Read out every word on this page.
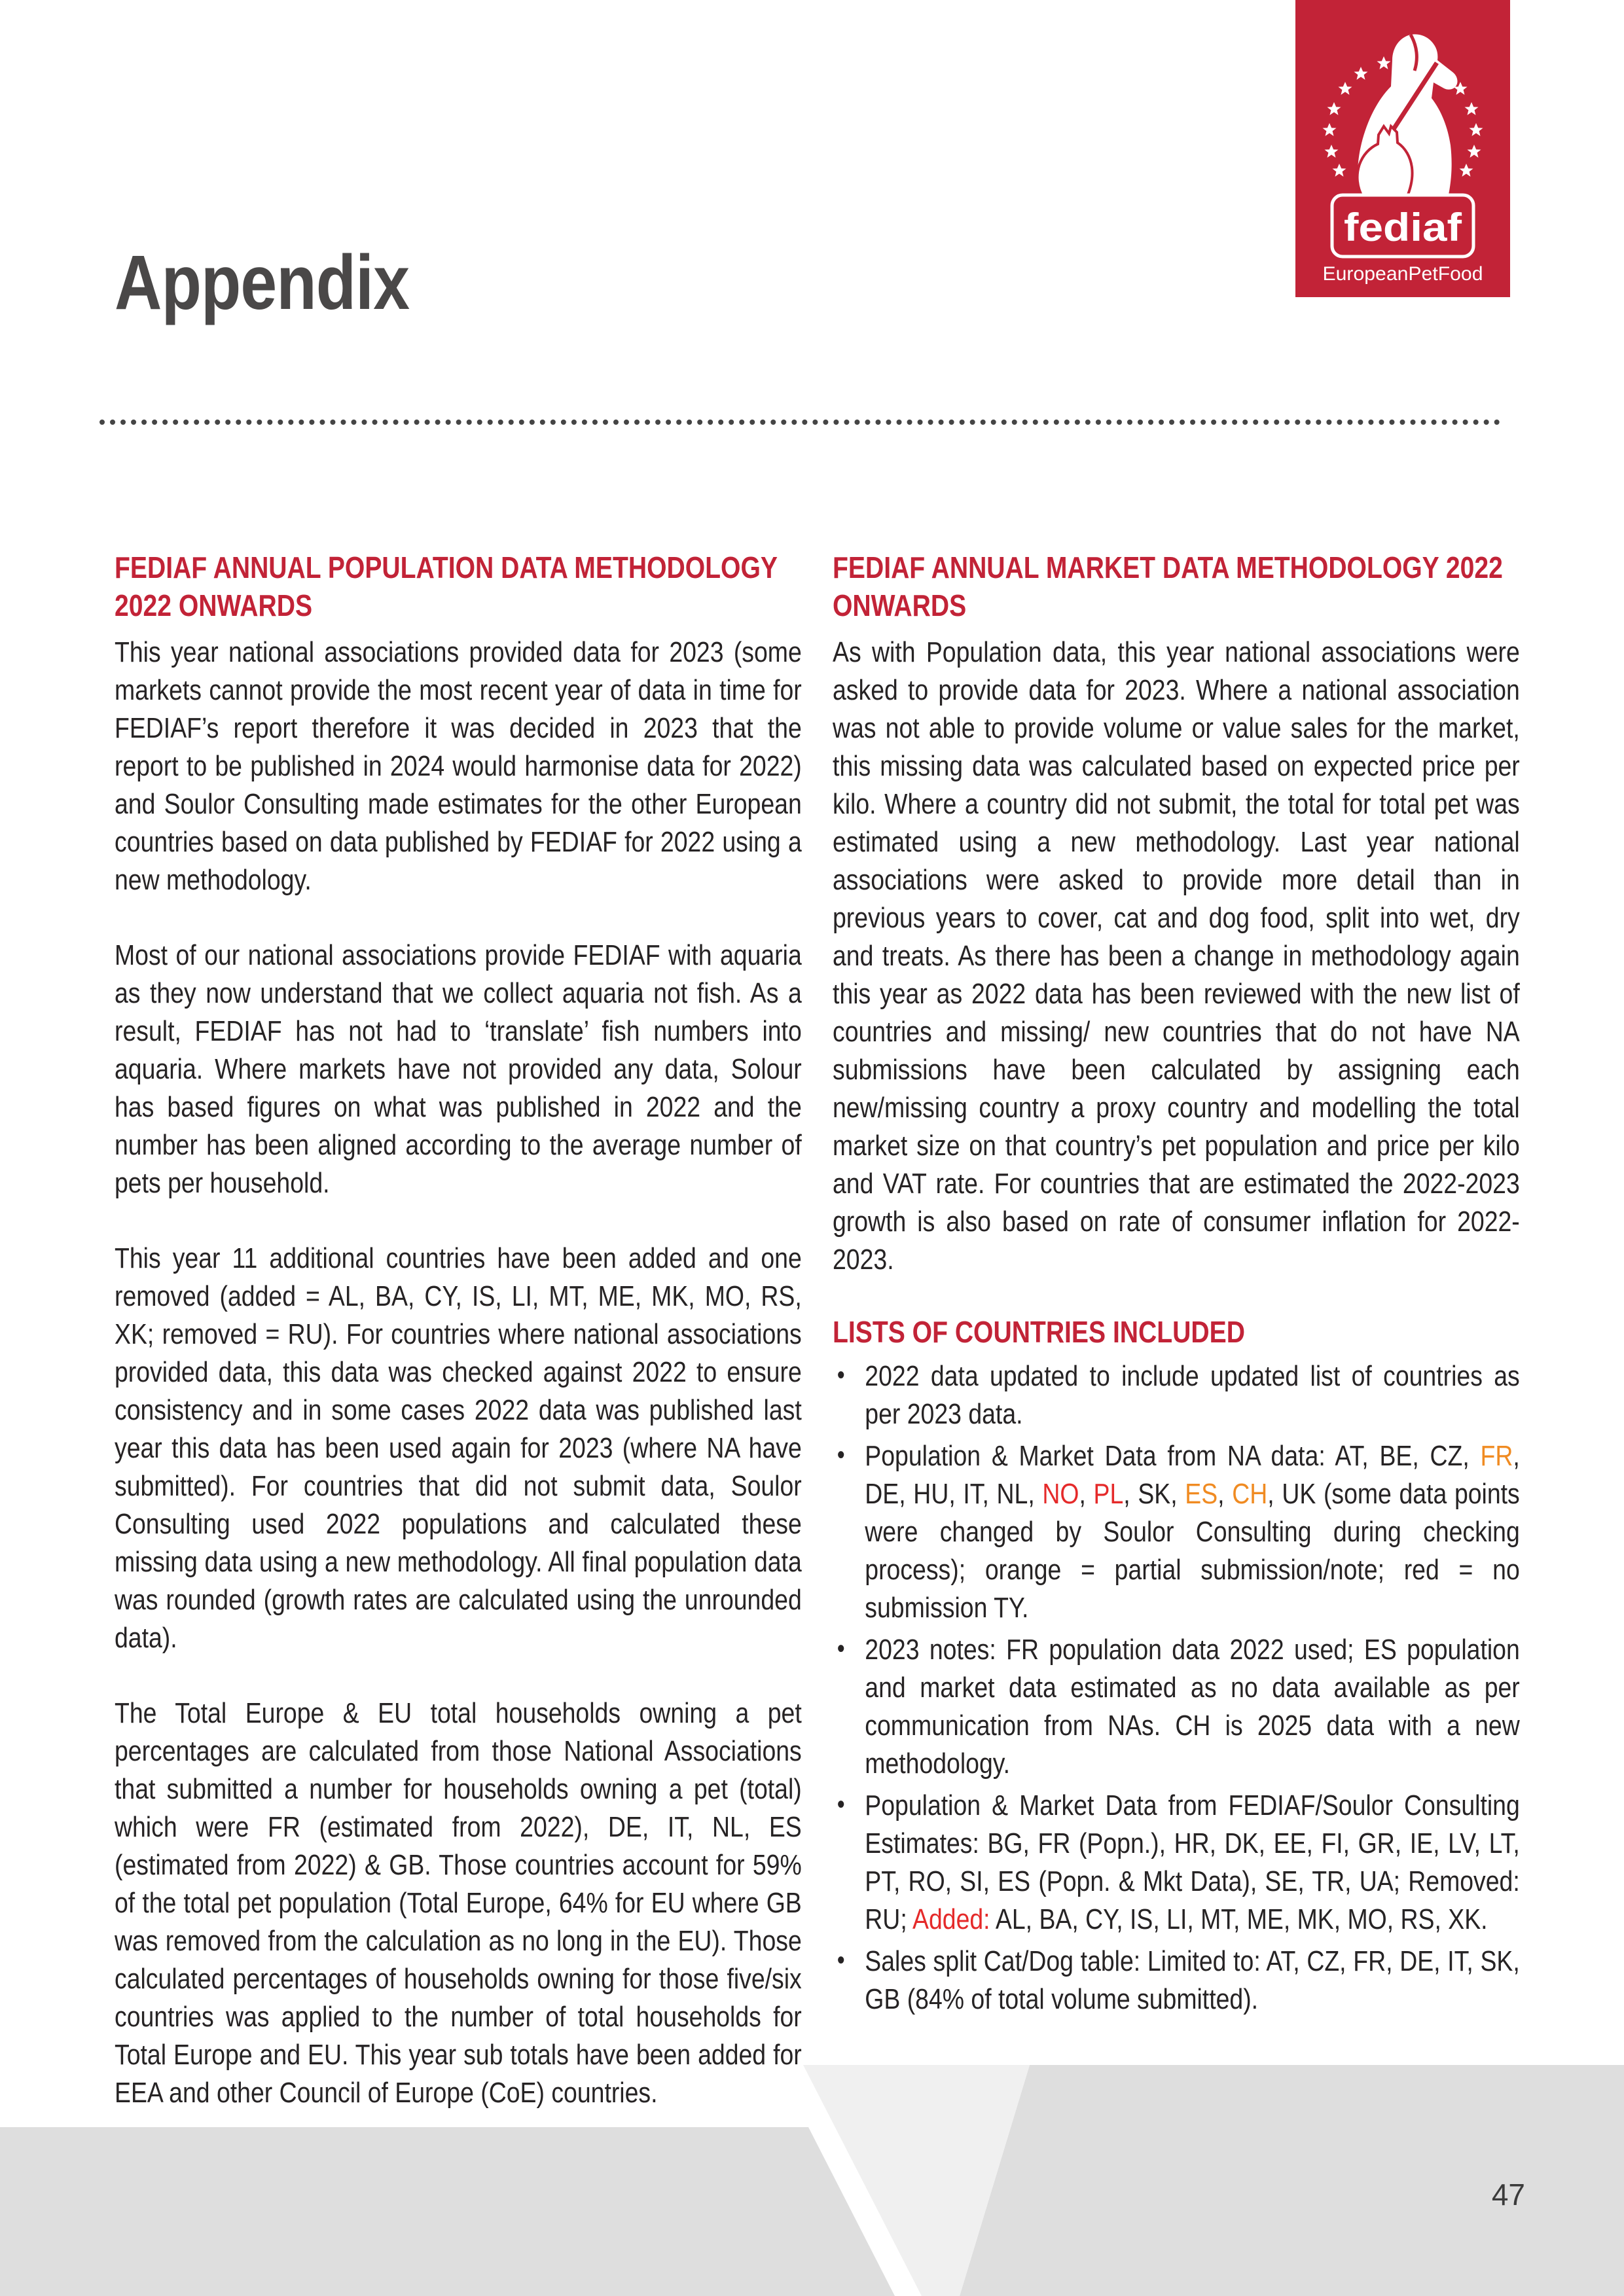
Appendix
fediaf
EuropeanPetFood
FEDIAF ANNUAL POPULATION DATA METHODOLOGY 2022 ONWARDS

This year national associations provided data for 2023 (some markets cannot provide the most recent year of data in time for FEDIAF’s report therefore it was decided in 2023 that the report to be published in 2024 would harmonise data for 2022) and Soulor Consulting made estimates for the other European countries based on data published by FEDIAF for 2022 using a new methodology.

Most of our national associations provide FEDIAF with aquaria as they now understand that we collect aquaria not fish. As a result, FEDIAF has not had to ‘translate’ fish numbers into aquaria. Where markets have not provided any data, Solour has based figures on what was published in 2022 and the number has been aligned according to the average number of pets per household.

This year 11 additional countries have been added and one removed (added = AL, BA, CY, IS, LI, MT, ME, MK, MO, RS, XK; removed = RU). For countries where national associations provided data, this data was checked against 2022 to ensure consistency and in some cases 2022 data was published last year this data has been used again for 2023 (where NA have submitted). For countries that did not submit data, Soulor Consulting used 2022 populations and calculated these missing data using a new methodology. All final population data was rounded (growth rates are calculated using the unrounded data).

The Total Europe & EU total households owning a pet percentages are calculated from those National Associations that submitted a number for households owning a pet (total) which were FR (estimated from 2022), DE, IT, NL, ES (estimated from 2022) & GB. Those countries account for 59% of the total pet population (Total Europe, 64% for EU where GB was removed from the calculation as no long in the EU). Those calculated percentages of households owning for those five/six countries was applied to the number of total households for Total Europe and EU. This year sub totals have been added for EEA and other Council of Europe (CoE) countries.

FEDIAF ANNUAL MARKET DATA METHODOLOGY 2022 ONWARDS

As with Population data, this year national associations were asked to provide data for 2023. Where a national association was not able to provide volume or value sales for the market, this missing data was calculated based on expected price per kilo. Where a country did not submit, the total for total pet was estimated using a new methodology. Last year national associations were asked to provide more detail than in previous years to cover, cat and dog food, split into wet, dry and treats. As there has been a change in methodology again this year as 2022 data has been reviewed with the new list of countries and missing/ new countries that do not have NA submissions have been calculated by assigning each new/missing country a proxy country and modelling the total market size on that country’s pet population and price per kilo and VAT rate. For countries that are estimated the 2022-2023 growth is also based on rate of consumer inflation for 2022-2023.

LISTS OF COUNTRIES INCLUDED
• 2022 data updated to include updated list of countries as per 2023 data.
• Population & Market Data from NA data: AT, BE, CZ, FR, DE, HU, IT, NL, NO, PL, SK, ES, CH, UK (some data points were changed by Soulor Consulting during checking process); orange = partial submission/note; red = no submission TY.
• 2023 notes: FR population data 2022 used; ES population and market data estimated as no data available as per communication from NAs. CH is 2025 data with a new methodology.
• Population & Market Data from FEDIAF/Soulor Consulting Estimates: BG, FR (Popn.), HR, DK, EE, FI, GR, IE, LV, LT, PT, RO, SI, ES (Popn. & Mkt Data), SE, TR, UA; Removed: RU; Added: AL, BA, CY, IS, LI, MT, ME, MK, MO, RS, XK.
• Sales split Cat/Dog table: Limited to: AT, CZ, FR, DE, IT, SK, GB (84% of total volume submitted).
47
